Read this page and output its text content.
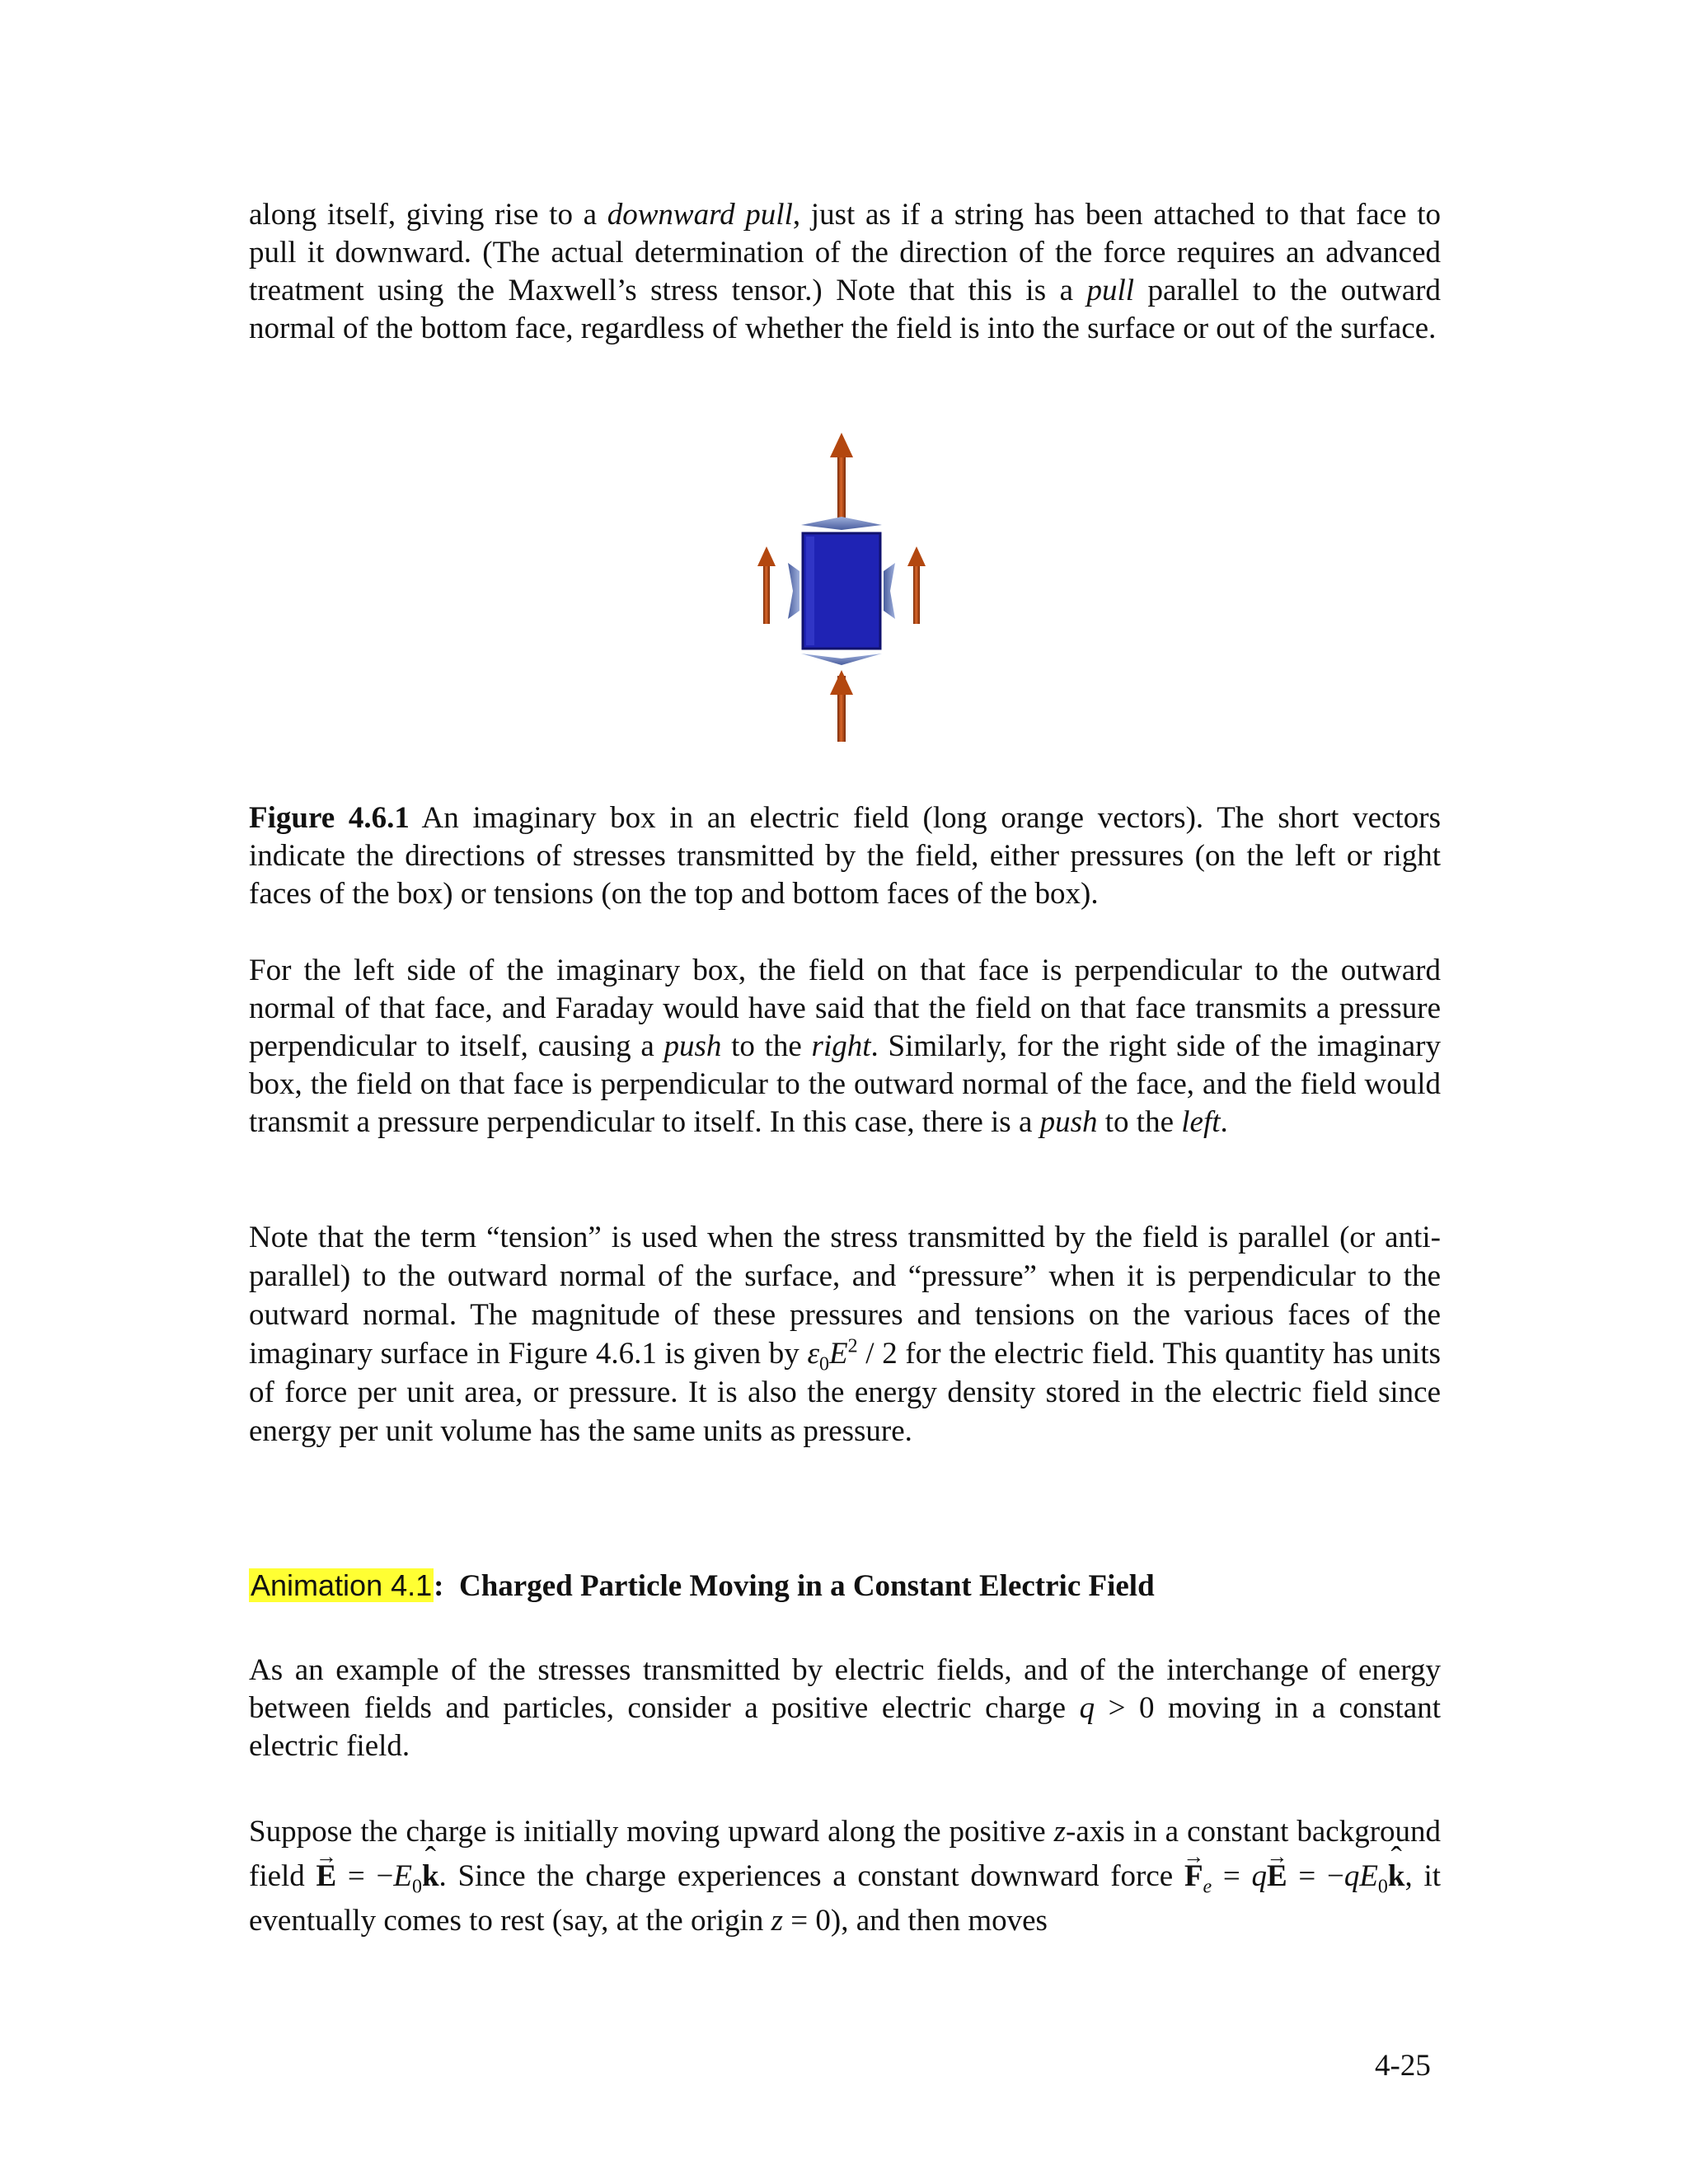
along itself, giving rise to a downward pull, just as if a string has been attached to that face to pull it downward. (The actual determination of the direction of the force requires an advanced treatment using the Maxwell’s stress tensor.) Note that this is a pull parallel to the outward normal of the bottom face, regardless of whether the field is into the surface or out of the surface.

Figure 4.6.1 An imaginary box in an electric field (long orange vectors). The short vectors indicate the directions of stresses transmitted by the field, either pressures (on the left or right faces of the box) or tensions (on the top and bottom faces of the box).

For the left side of the imaginary box, the field on that face is perpendicular to the outward normal of that face, and Faraday would have said that the field on that face transmits a pressure perpendicular to itself, causing a push to the right. Similarly, for the right side of the imaginary box, the field on that face is perpendicular to the outward normal of the face, and the field would transmit a pressure perpendicular to itself. In this case, there is a push to the left.

Note that the term “tension” is used when the stress transmitted by the field is parallel (or anti-parallel) to the outward normal of the surface, and “pressure” when it is perpendicular to the outward normal. The magnitude of these pressures and tensions on the various faces of the imaginary surface in Figure 4.6.1 is given by $\varepsilon_0E^2 / 2$ for the electric field. This quantity has units of force per unit area, or pressure. It is also the energy density stored in the electric field since energy per unit volume has the same units as pressure.

Animation 4.1: Charged Particle Moving in a Constant Electric Field

As an example of the stresses transmitted by electric fields, and of the interchange of energy between fields and particles, consider a positive electric charge q > 0 moving in a constant electric field.

Suppose the charge is initially moving upward along the positive z-axis in a constant background field → $E = -E_0ˆ$ k. Since the charge experiences a constant downward force → $F_e = q\to E$ = $-qE_0ˆ$ k, it eventually comes to rest (say, at the origin z = 0), and then moves

4-25
